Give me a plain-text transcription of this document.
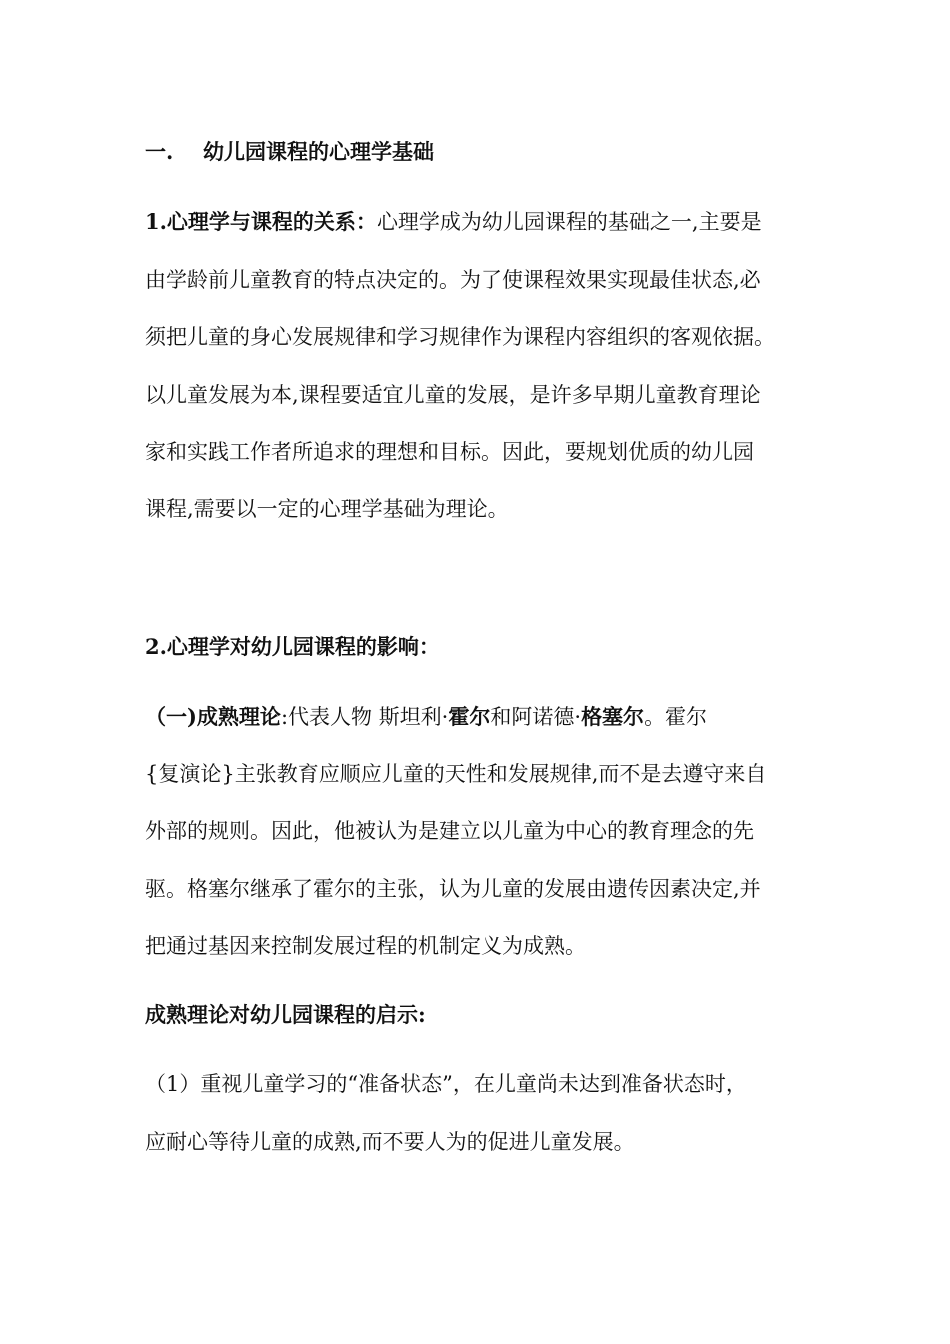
一. 幼儿园课程的心理学基础
1.心理学与课程的关系：心理学成为幼儿园课程的基础之一,主要是
由学龄前儿童教育的特点决定的。为了使课程效果实现最佳状态,必
须把儿童的身心发展规律和学习规律作为课程内容组织的客观依据。
以儿童发展为本,课程要适宜儿童的发展，是许多早期儿童教育理论
家和实践工作者所追求的理想和目标。因此，要规划优质的幼儿园
课程,需要以一定的心理学基础为理论。
2.心理学对幼儿园课程的影响：
（一)成熟理论:代表人物 斯坦利·霍尔和阿诺德·格塞尔。霍尔
{复演论}主张教育应顺应儿童的天性和发展规律,而不是去遵守来自
外部的规则。因此，他被认为是建立以儿童为中心的教育理念的先
驱。格塞尔继承了霍尔的主张，认为儿童的发展由遗传因素决定,并
把通过基因来控制发展过程的机制定义为成熟。
成熟理论对幼儿园课程的启示:
（1）重视儿童学习的“准备状态”，在儿童尚未达到准备状态时，
应耐心等待儿童的成熟,而不要人为的促进儿童发展。
